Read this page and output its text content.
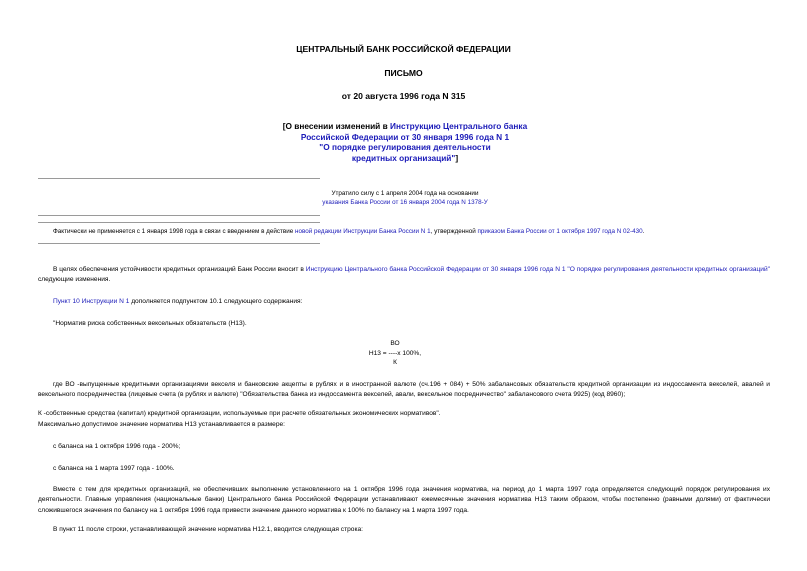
ЦЕНТРАЛЬНЫЙ БАНК РОССИЙСКОЙ ФЕДЕРАЦИИ
ПИСЬМО
от 20 августа 1996 года N 315
[О внесении изменений в Инструкцию Центрального банка
Российской Федерации от 30 января 1996 года N 1
"О порядке регулирования деятельности
кредитных организаций"]
Утратило силу с 1 апреля 2004 года на основании
указания Банка России от 16 января 2004 года N 1378-У
Фактически не применяется с 1 января 1998 года в связи с введением в действие новой редакции Инструкции Банка России N 1, утвержденной приказом Банка России от 1 октября 1997 года N 02-430.
В целях обеспечения устойчивости кредитных организаций Банк России вносит в Инструкцию Центрального банка Российской Федерации от 30 января 1996 года N 1 "О порядке регулирования деятельности кредитных организаций" следующие изменения.
Пункт 10 Инструкции N 1 дополняется подпунктом 10.1 следующего содержания:
"Норматив риска собственных вексельных обязательств (Н13).
ВО
Н13 = ----х 100%,
К
где ВО -выпущенные кредитными организациями векселя и банковские акцепты в рублях и в иностранной валюте (сч.196 + 084) + 50% забалансовых обязательств кредитной организации из индоссамента векселей, авалей и вексельного посредничества (лицевые счета (в рублях и валюте) "Обязательства банка из индоссамента векселей, авали, вексельное посредничество" забалансового счета 9925) (код 8960);
К -собственные средства (капитал) кредитной организации, используемые при расчете обязательных экономических нормативов".
Максимально допустимое значение норматива Н13 устанавливается в размере:
с баланса на 1 октября 1996 года - 200%;
с баланса на 1 марта 1997 года - 100%.
Вместе с тем для кредитных организаций, не обеспечивших выполнение установленного на 1 октября 1996 года значения норматива, на период до 1 марта 1997 года определяется следующий порядок регулирования их деятельности. Главные управления (национальные банки) Центрального банка Российской Федерации устанавливают ежемесячные значения норматива Н13 таким образом, чтобы постепенно (равными долями) от фактически сложившегося значения по балансу на 1 октября 1996 года привести значение данного норматива к 100% по балансу на 1 марта 1997 года.
В пункт 11 после строки, устанавливающей значение норматива Н12.1, вводится следующая строка:
